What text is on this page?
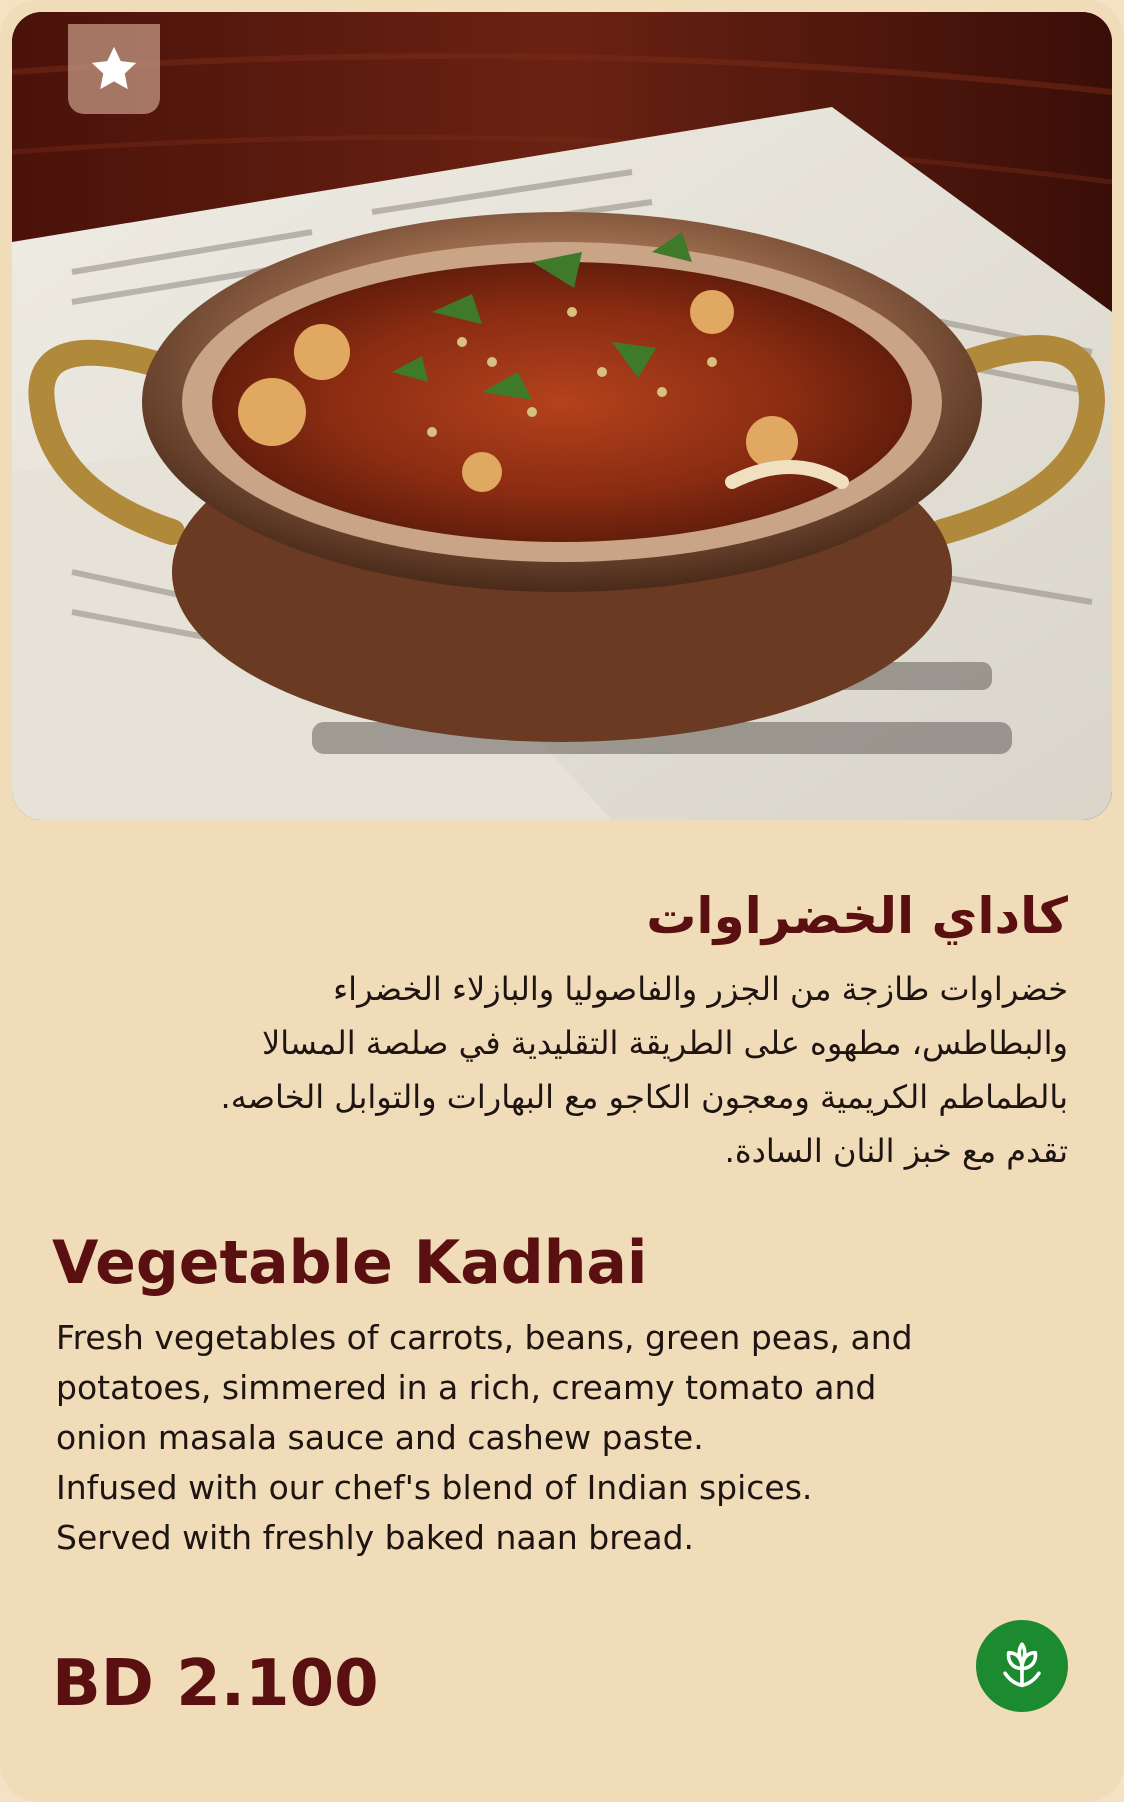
كاداي الخضراوات

خضراوات طازجة من الجزر والفاصوليا والبازلاء الخضراء

والبطاطس، مطهوه على الطريقة التقليدية في صلصة المسالا

بالطماطم الكريمية ومعجون الكاجو مع البهارات والتوابل الخاصه.

تقدم مع خبز النان السادة.

Vegetable Kadhai

Fresh vegetables of carrots, beans, green peas, and

potatoes, simmered in a rich, creamy tomato and

onion masala sauce and cashew paste.

Infused with our chef's blend of Indian spices.

Served with freshly baked naan bread.

BD 2.100
